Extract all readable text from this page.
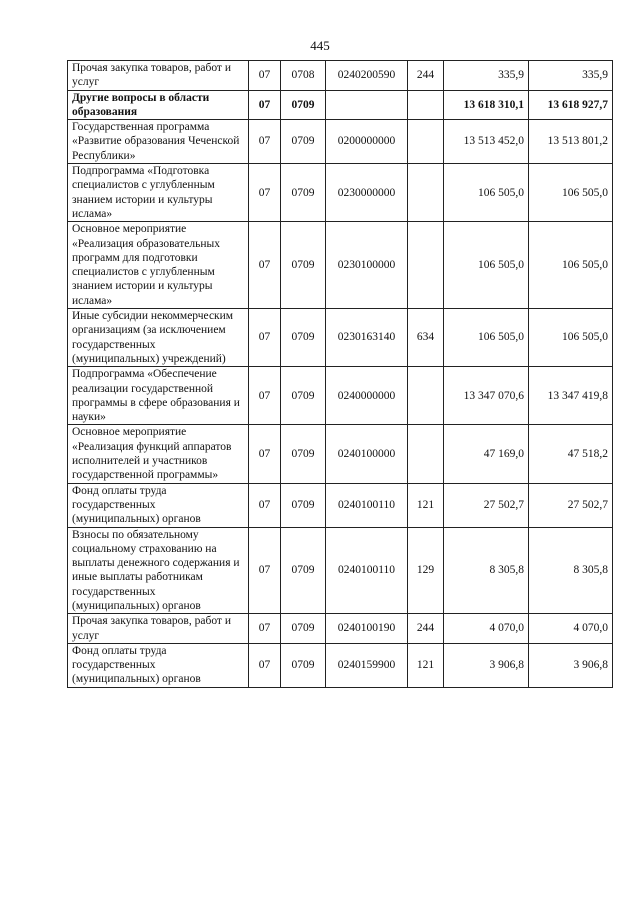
445
Прочая закупка товаров, работ и услуг	07	0708	0240200590	244	335,9	335,9
Другие вопросы в области образования	07	0709			13 618 310,1	13 618 927,7
Государственная программа «Развитие образования Чеченской Республики»	07	0709	0200000000		13 513 452,0	13 513 801,2
Подпрограмма «Подготовка специалистов с углубленным знанием истории и культуры ислама»	07	0709	0230000000		106 505,0	106 505,0
Основное мероприятие «Реализация образовательных программ для подготовки специалистов с углубленным знанием истории и культуры ислама»	07	0709	0230100000		106 505,0	106 505,0
Иные субсидии некоммерческим организациям (за исключением государственных (муниципальных) учреждений)	07	0709	0230163140	634	106 505,0	106 505,0
Подпрограмма «Обеспечение реализации государственной программы в сфере образования и науки»	07	0709	0240000000		13 347 070,6	13 347 419,8
Основное мероприятие «Реализация функций аппаратов исполнителей и участников государственной программы»	07	0709	0240100000		47 169,0	47 518,2
Фонд оплаты труда государственных (муниципальных) органов	07	0709	0240100110	121	27 502,7	27 502,7
Взносы по обязательному социальному страхованию на выплаты денежного содержания и иные выплаты работникам государственных (муниципальных) органов	07	0709	0240100110	129	8 305,8	8 305,8
Прочая закупка товаров, работ и услуг	07	0709	0240100190	244	4 070,0	4 070,0
Фонд оплаты труда государственных (муниципальных) органов	07	0709	0240159900	121	3 906,8	3 906,8
